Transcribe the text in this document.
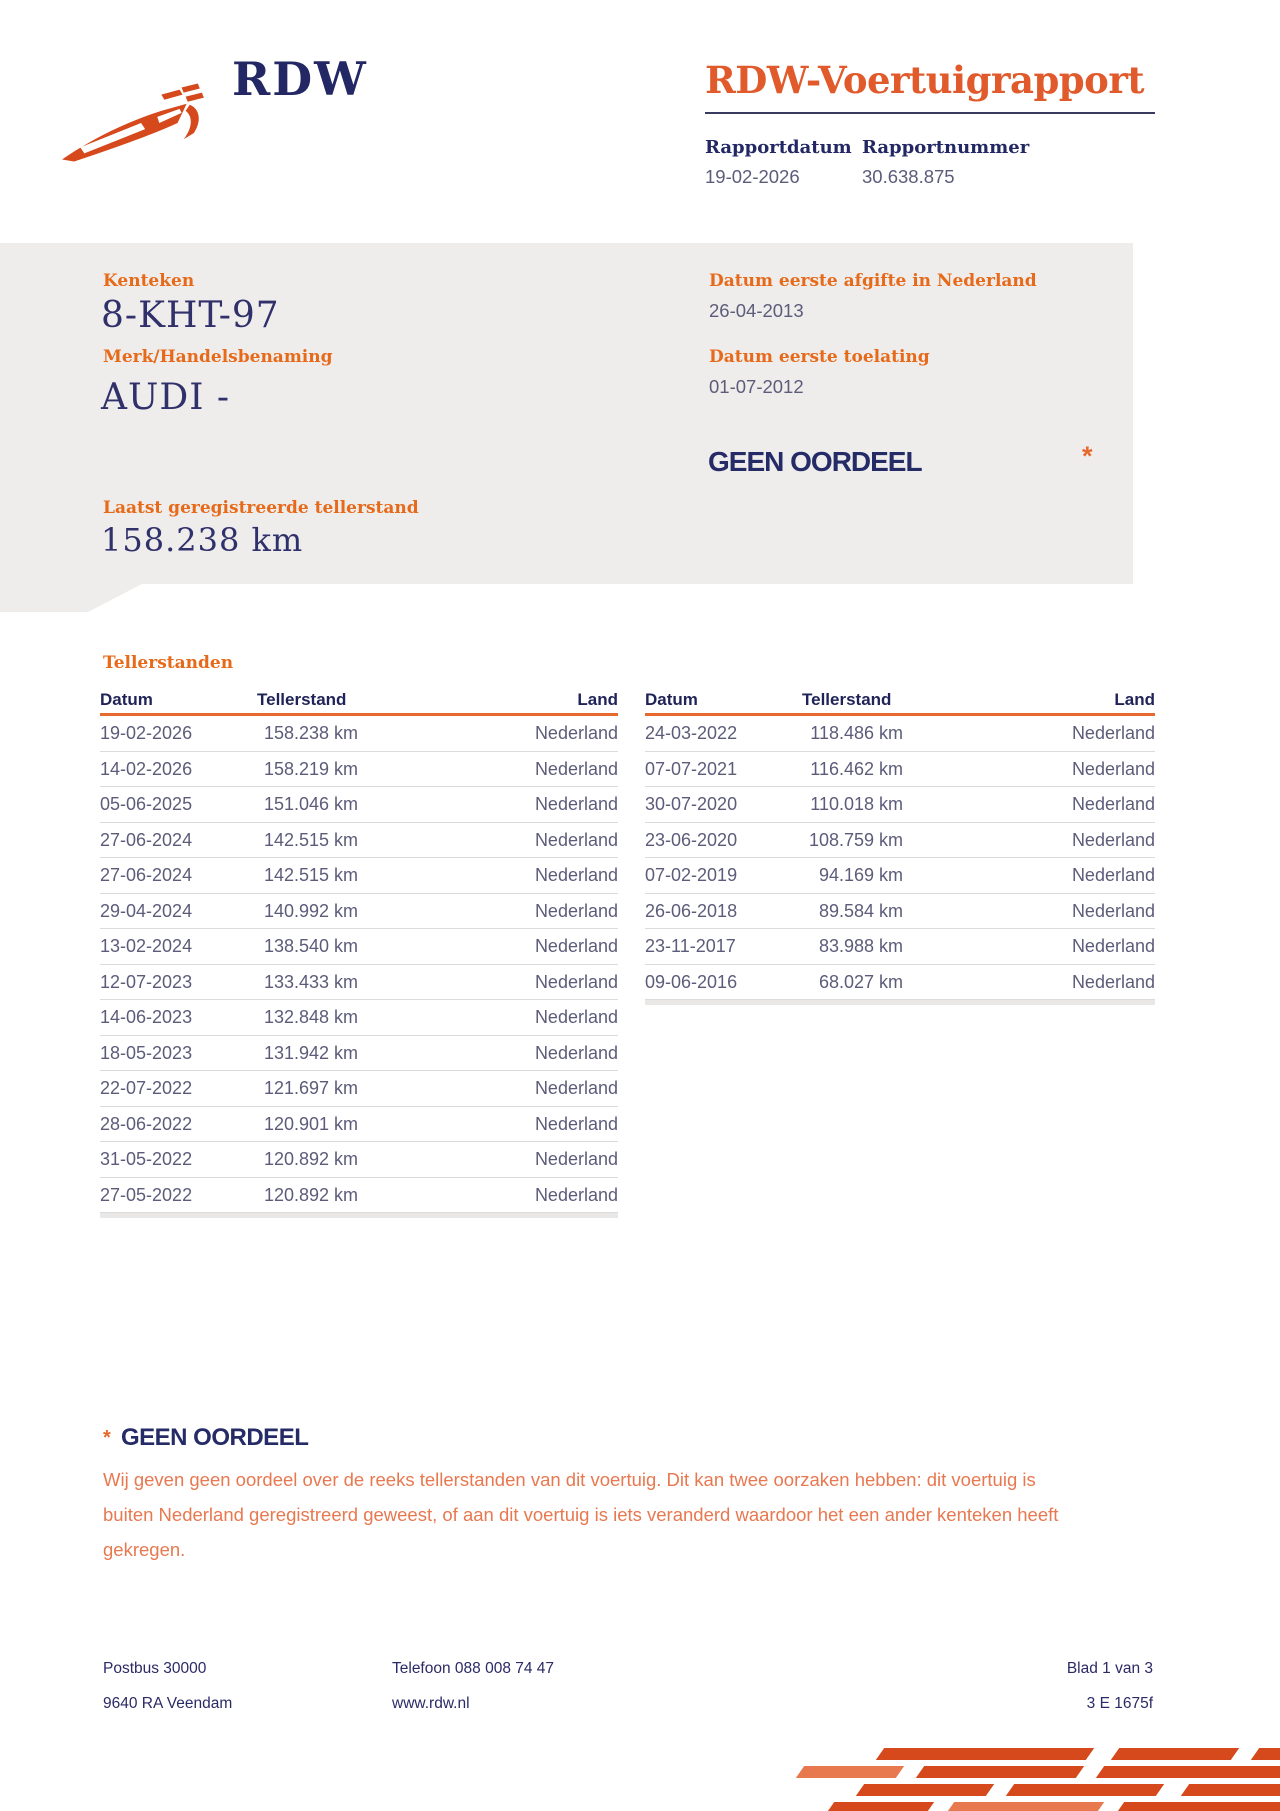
RDW	RDW-Voertuigrapport
Rapportdatum Rapportnummer
19-02-2026	30.638.875
Kenteken
8-KHT-97
Merk/Handelsbenaming
AUDI -
Laatst geregistreerde tellerstand
158.238 km
Datum eerste afgifte in Nederland
26-04-2013
Datum eerste toelating
01-07-2012
GEEN OORDEEL	*
Tellerstanden
Datum	Tellerstand	Land
19-02-2026	158.238 km	Nederland
14-02-2026	158.219 km	Nederland
05-06-2025	151.046 km	Nederland
27-06-2024	142.515 km	Nederland
27-06-2024	142.515 km	Nederland
29-04-2024	140.992 km	Nederland
13-02-2024	138.540 km	Nederland
12-07-2023	133.433 km	Nederland
14-06-2023	132.848 km	Nederland
18-05-2023	131.942 km	Nederland
22-07-2022	121.697 km	Nederland
28-06-2022	120.901 km	Nederland
31-05-2022	120.892 km	Nederland
27-05-2022	120.892 km	Nederland
Datum	Tellerstand	Land
24-03-2022	118.486 km	Nederland
07-07-2021	116.462 km	Nederland
30-07-2020	110.018 km	Nederland
23-06-2020	108.759 km	Nederland
07-02-2019	94.169 km	Nederland
26-06-2018	89.584 km	Nederland
23-11-2017	83.988 km	Nederland
09-06-2016	68.027 km	Nederland
* GEEN OORDEEL
Wij geven geen oordeel over de reeks tellerstanden van dit voertuig. Dit kan twee oorzaken hebben: dit voertuig is buiten Nederland geregistreerd geweest, of aan dit voertuig is iets veranderd waardoor het een ander kenteken heeft gekregen.
Postbus 30000
9640 RA Veendam
Telefoon 088 008 74 47
www.rdw.nl
Blad 1 van 3
3 E 1675f
